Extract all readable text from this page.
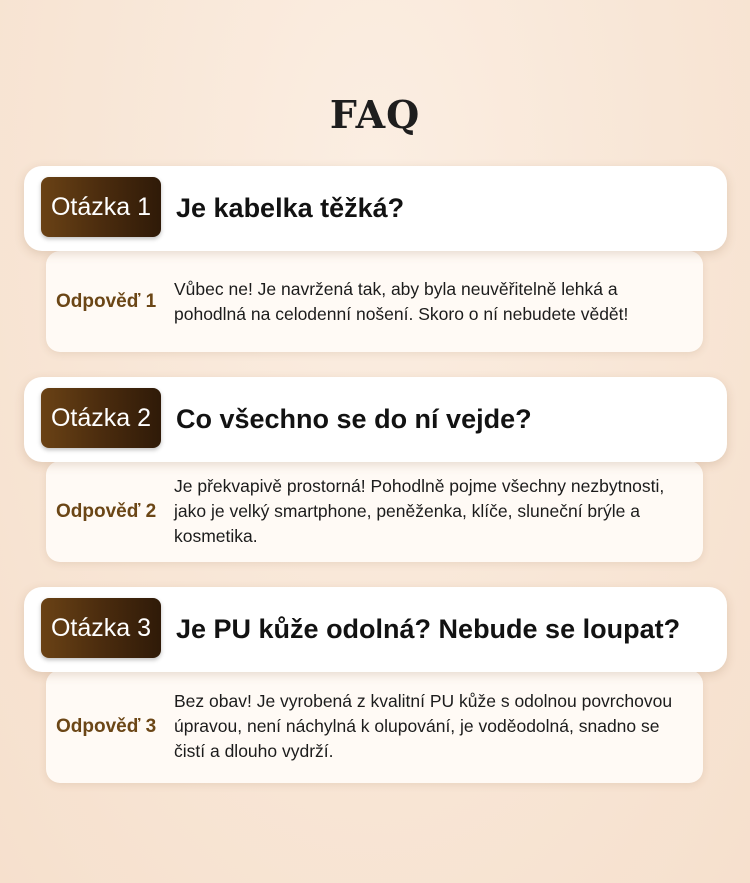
FAQ
Odpověď 1
Vůbec ne! Je navržená tak, aby byla neuvěřitelně lehká a pohodlná na celodenní nošení. Skoro o ní nebudete vědět!
Otázka 1 Je kabelka těžká?
Odpověď 2
Je překvapivě prostorná! Pohodlně pojme všechny nezbytnosti, jako je velký smartphone, peněženka, klíče, sluneční brýle a kosmetika.
Otázka 2 Co všechno se do ní vejde?
Odpověď 3
Bez obav! Je vyrobená z kvalitní PU kůže s odolnou povrchovou úpravou, není náchylná k olupování, je voděodolná, snadno se čistí a dlouho vydrží.
Otázka 3 Je PU kůže odolná? Nebude se loupat?
